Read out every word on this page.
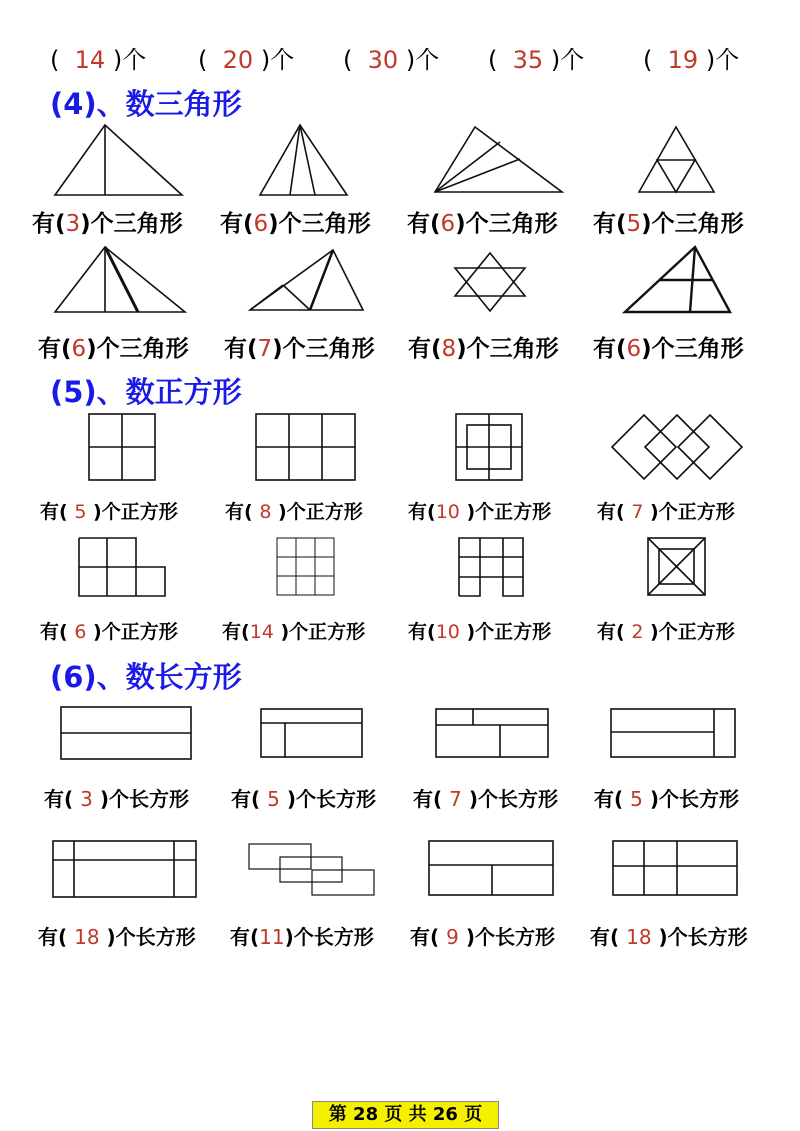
( 14 )个 ( 20 )个 ( 30 )个 ( 35 )个 ( 19 )个
(4)、数三角形
有(3)个三角形 有(6)个三角形 有(6)个三角形 有(5)个三角形
有(6)个三角形 有(7)个三角形 有(8)个三角形 有(6)个三角形
(5)、数正方形
有( 5 )个正方形 有( 8 )个正方形 有(10 )个正方形 有( 7 )个正方形
有( 6 )个正方形 有(14 )个正方形 有(10 )个正方形 有( 2 )个正方形
(6)、数长方形
有( 3 )个长方形 有( 5 )个长方形 有( 7 )个长方形 有( 5 )个长方形
有( 18 )个长方形 有(11)个长方形 有( 9 )个长方形 有( 18 )个长方形
第 28 页 共 26 页
